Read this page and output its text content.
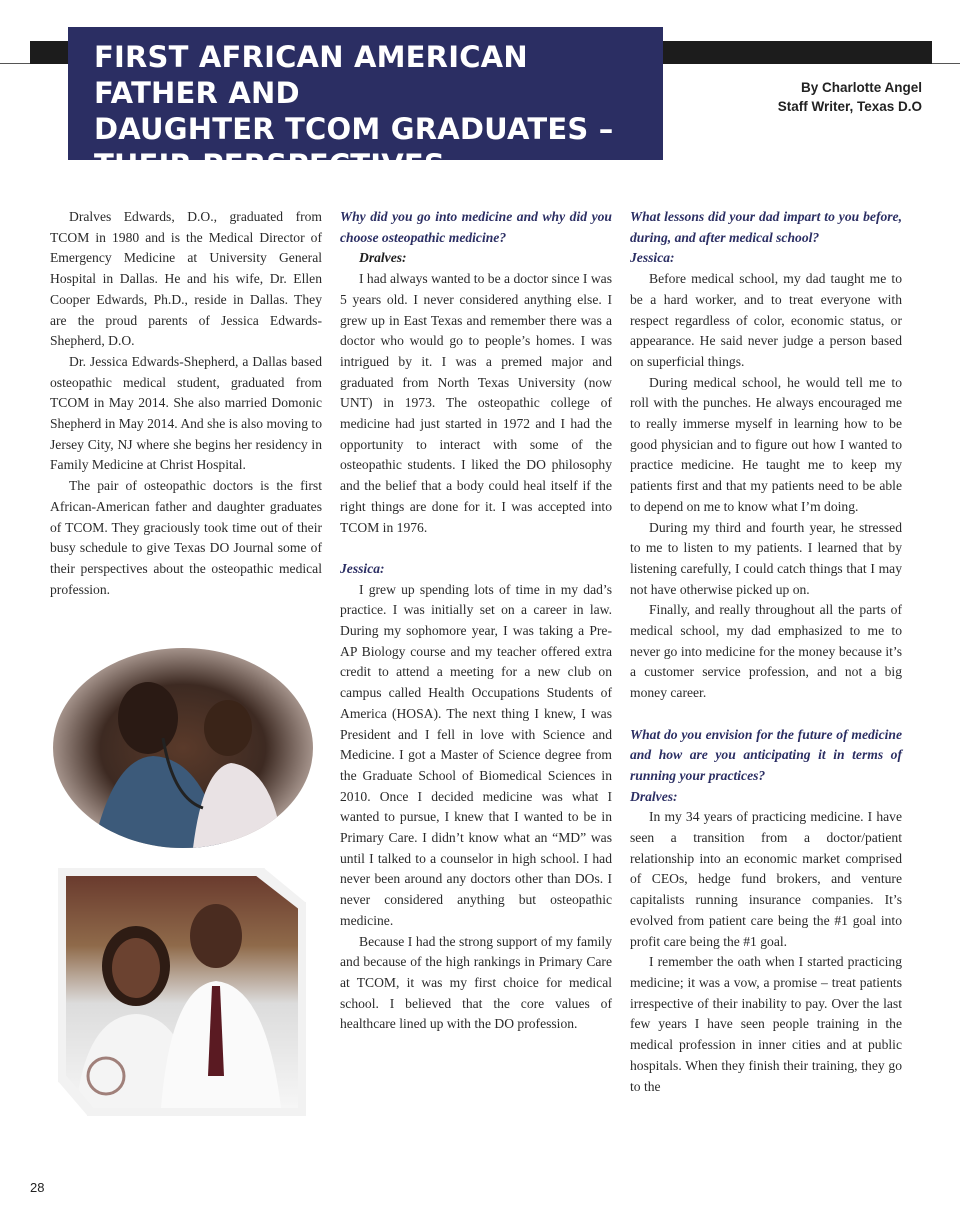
FIRST AFRICAN AMERICAN FATHER AND
DAUGHTER TCOM GRADUATES –
THEIR PERSPECTIVES
By Charlotte Angel
Staff Writer, Texas D.O

Dralves Edwards, D.O., graduated from TCOM in 1980 and is the Medical Director of Emergency Medicine at University General Hospital in Dallas. He and his wife, Dr. Ellen Cooper Edwards, Ph.D., reside in Dallas. They are the proud parents of Jessica Edwards-Shepherd, D.O.

Dr. Jessica Edwards-Shepherd, a Dallas based osteopathic medical student, graduated from TCOM in May 2014. She also married Domonic Shepherd in May 2014. And she is also moving to Jersey City, NJ where she begins her residency in Family Medicine at Christ Hospital.

The pair of osteopathic doctors is the first African-American father and daughter graduates of TCOM. They graciously took time out of their busy schedule to give Texas DO Journal some of their perspectives about the osteopathic medical profession.

Why did you go into medicine and why did you choose osteopathic medicine?

Dralves:

I had always wanted to be a doctor since I was 5 years old. I never considered anything else. I grew up in East Texas and remember there was a doctor who would go to people’s homes. I was intrigued by it. I was a premed major and graduated from North Texas University (now UNT) in 1973. The osteopathic college of medicine had just started in 1972 and I had the opportunity to interact with some of the osteopathic students. I liked the DO philosophy and the belief that a body could heal itself if the right things are done for it. I was accepted into TCOM in 1976.

Jessica:

I grew up spending lots of time in my dad’s practice. I was initially set on a career in law. During my sophomore year, I was taking a Pre-AP Biology course and my teacher offered extra credit to attend a meeting for a new club on campus called Health Occupations Students of America (HOSA). The next thing I knew, I was President and I fell in love with Science and Medicine. I got a Master of Science degree from the Graduate School of Biomedical Sciences in 2010. Once I decided medicine was what I wanted to pursue, I knew that I wanted to be in Primary Care. I didn’t know what an “MD” was until I talked to a counselor in high school. I had never been around any doctors other than DOs. I never considered anything but osteopathic medicine.

Because I had the strong support of my family and because of the high rankings in Primary Care at TCOM, it was my first choice for medical school. I believed that the core values of healthcare lined up with the DO profession.

What lessons did your dad impart to you before, during, and after medical school?

Jessica:

Before medical school, my dad taught me to be a hard worker, and to treat everyone with respect regardless of color, economic status, or appearance. He said never judge a person based on superficial things.

During medical school, he would tell me to roll with the punches. He always encouraged me to really immerse myself in learning how to be good physician and to figure out how I wanted to practice medicine. He taught me to keep my patients first and that my patients need to be able to depend on me to know what I’m doing.

During my third and fourth year, he stressed to me to listen to my patients. I learned that by listening carefully, I could catch things that I may not have otherwise picked up on.

Finally, and really throughout all the parts of medical school, my dad emphasized to me to never go into medicine for the money because it’s a customer service profession, and not a big money career.

What do you envision for the future of medicine and how are you anticipating it in terms of running your practices?

Dralves:

In my 34 years of practicing medicine. I have seen a transition from a doctor/patient relationship into an economic market comprised of CEOs, hedge fund brokers, and venture capitalists running insurance companies. It’s evolved from patient care being the #1 goal into profit care being the #1 goal.

I remember the oath when I started practicing medicine; it was a vow, a promise – treat patients irrespective of their inability to pay. Over the last few years I have seen people training in the medical profession in inner cities and at public hospitals. When they finish their training, they go to the

28
